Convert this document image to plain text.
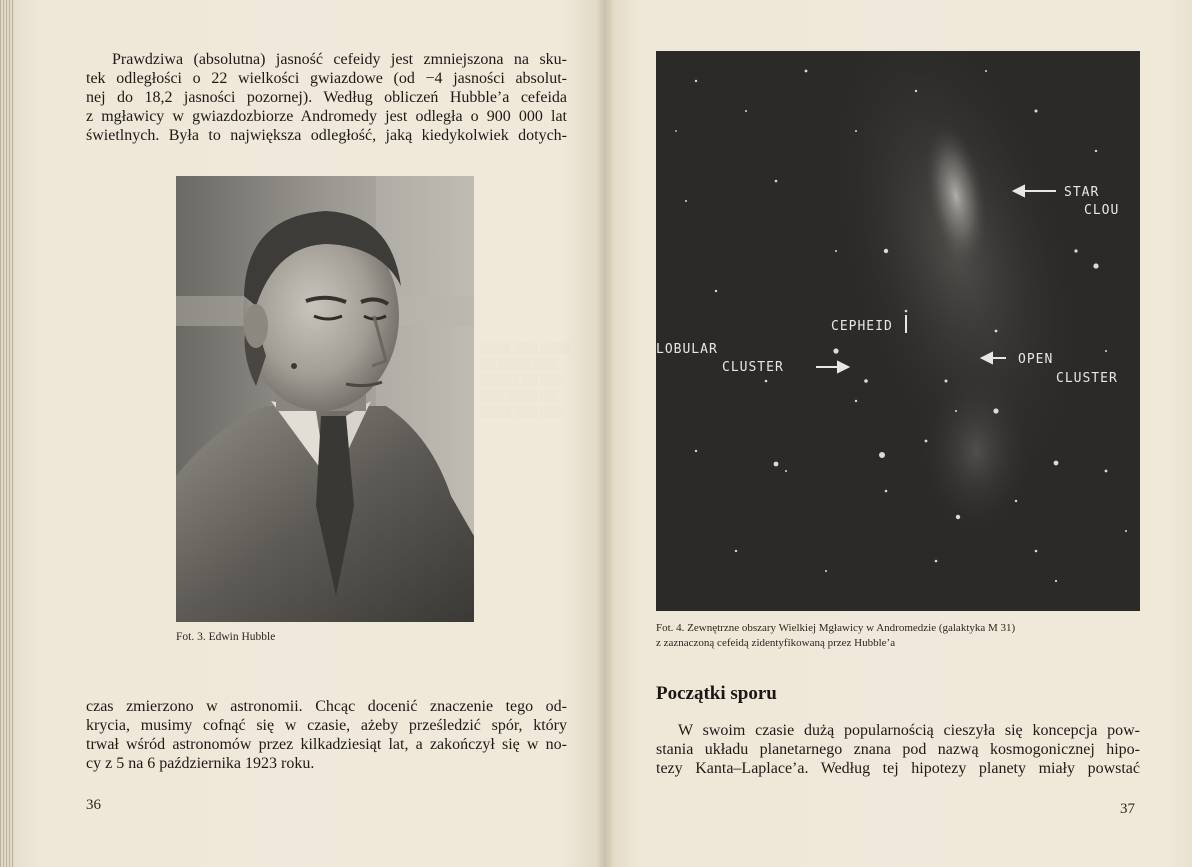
░░░░ ░░░ ░░░░
░░ ░░░░ ░░░
░░░░░ ░░ ░░░
░░░ ░░░░ ░░
░░░░ ░░░ ░░░

Prawdziwa (absolutna) jasność cefeidy jest zmniejszona na sku-

tek odległości o 22 wielkości gwiazdowe (od −4 jasności absolut-

nej do 18,2 jasności pozornej). Według obliczeń Hubble’a cefeida

z mgławicy w gwiazdozbiorze Andromedy jest odległa o 900 000 lat

świetlnych. Była to największa odległość, jaką kiedykolwiek dotych-

Fot. 3. Edwin Hubble

czas zmierzono w astronomii. Chcąc docenić znaczenie tego od-

krycia, musimy cofnąć się w czasie, ażeby prześledzić spór, który

trwał wśród astronomów przez kilkadziesiąt lat, a zakończył się w no-

cy z 5 na 6 października 1923 roku.

36
STAR
CLOU
CEPHEID
LOBULAR
CLUSTER
OPEN
CLUSTER

Fot. 4. Zewnętrzne obszary Wielkiej Mgławicy w Andromedzie (galaktyka M 31)

z zaznaczoną cefeidą zidentyfikowaną przez Hubble’a

Początki sporu

W swoim czasie dużą popularnością cieszyła się koncepcja pow-

stania układu planetarnego znana pod nazwą kosmogonicznej hipo-

tezy Kanta–Laplace’a. Według tej hipotezy planety miały powstać

37
